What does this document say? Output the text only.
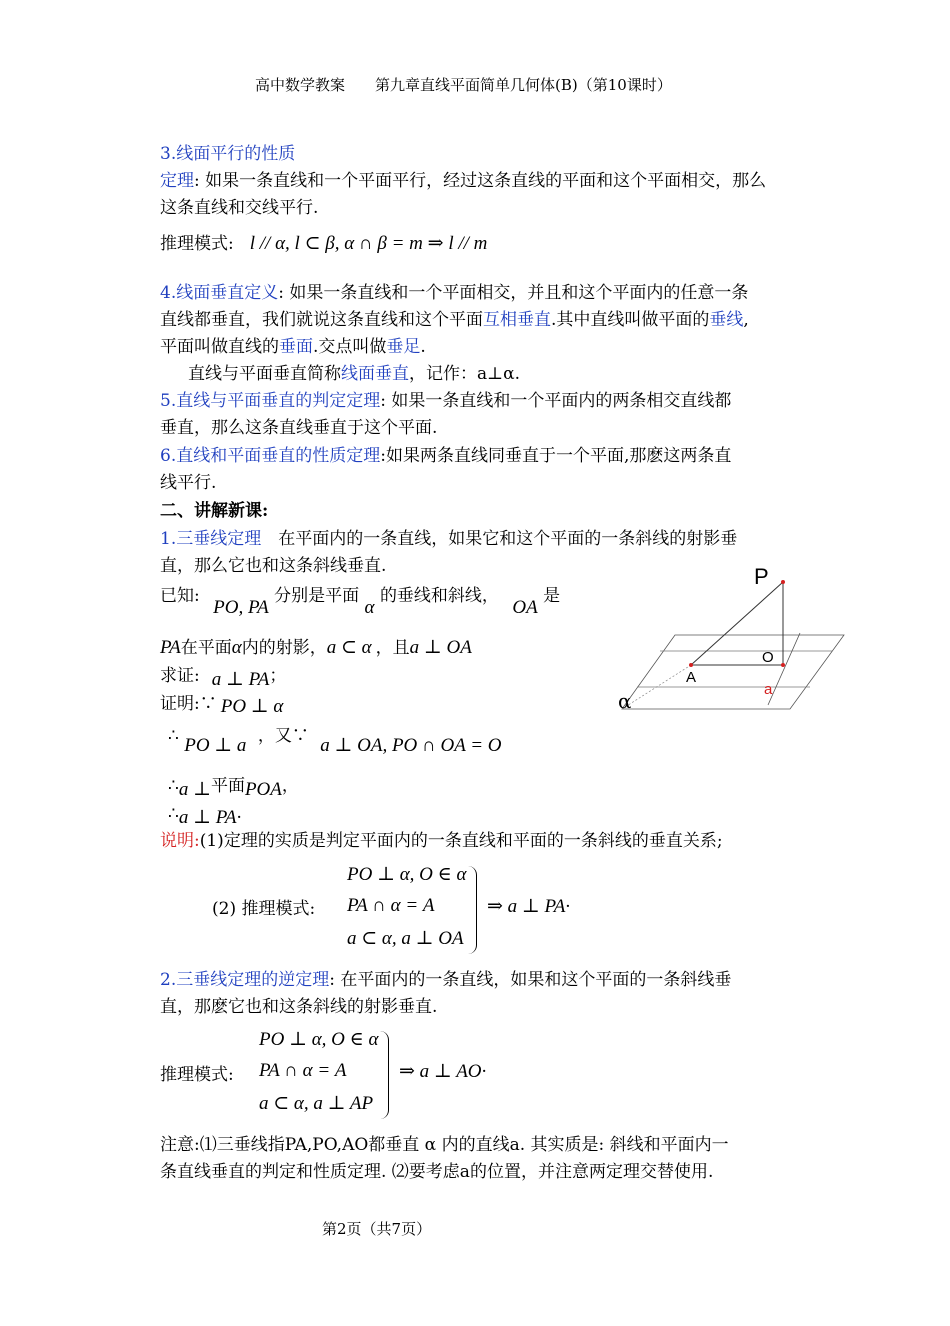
高中数学教案　　第九章直线平面简单几何体(B)（第10课时）
3.线面平行的性质
定理: 如果一条直线和一个平面平行，经过这条直线的平面和这个平面相交，那么
这条直线和交线平行.
推理模式: l // α, l ⊂ β, α ∩ β = m ⇒ l // m
4.线面垂直定义: 如果一条直线和一个平面相交，并且和这个平面内的任意一条
直线都垂直，我们就说这条直线和这个平面互相垂直.其中直线叫做平面的垂线,
平面叫做直线的垂面.交点叫做垂足.
直线与平面垂直简称线面垂直，记作：a⊥α.
5.直线与平面垂直的判定定理: 如果一条直线和一个平面内的两条相交直线都
垂直，那么这条直线垂直于这个平面.
6.直线和平面垂直的性质定理:如果两条直线同垂直于一个平面,那麽这两条直
线平行.
二、讲解新课:
1.三垂线定理　在平面内的一条直线，如果它和这个平面的一条斜线的射影垂
直，那么它也和这条斜线垂直.
已知: PO, PA 分别是平面 α 的垂线和斜线， OA 是
PA在平面α内的射影，a ⊂ α ，且a ⊥ OA
求证: a ⊥ PA；
证明:∵ PO ⊥ α
∴ PO ⊥ a ，又∵ a ⊥ OA, PO ∩ OA = O
∴a ⊥平面POA，
∴a ⊥ PA·
说明:(1)定理的实质是判定平面内的一条直线和平面的一条斜线的垂直关系;
(2) 推理模式:
PO ⊥ α, O ∈ α
PA ∩ α = A
a ⊂ α, a ⊥ OA
⇒ a ⊥ PA·
2.三垂线定理的逆定理: 在平面内的一条直线，如果和这个平面的一条斜线垂
直，那麽它也和这条斜线的射影垂直.
推理模式:
PO ⊥ α, O ∈ α
PA ∩ α = A
a ⊂ α, a ⊥ AP
⇒ a ⊥ AO·
注意:⑴三垂线指PA,PO,AO都垂直 α 内的直线a. 其实质是: 斜线和平面内一
条直线垂直的判定和性质定理. ⑵要考虑a的位置，并注意两定理交替使用.
第2页（共7页）
P
O
A
a
α
